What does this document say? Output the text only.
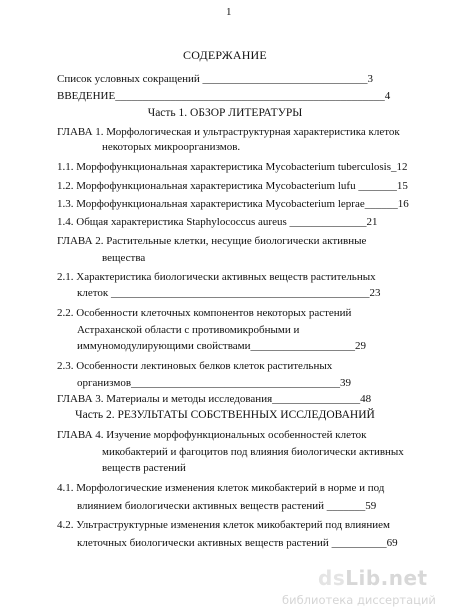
1
СОДЕРЖАНИЕ
Список условных сокращений ______________________________3
ВВЕДЕНИЕ_________________________________________________4
Часть 1. ОБЗОР ЛИТЕРАТУРЫ
ГЛАВА 1. Морфологическая и ультраструктурная характеристика клеток
некоторых микроорганизмов.
1.1. Морфофункциональная характеристика Mycobacterium tuberculosis_12
1.2. Морфофункциональная характеристика Mycobacterium lufu _______15
1.3. Морфофункциональная характеристика Mycobacterium leprae______16
1.4. Общая характеристика Staphylococcus aureus ______________21
ГЛАВА 2. Растительные клетки, несущие биологически активные
вещества
2.1. Характеристика биологически активных веществ растительных
клеток _______________________________________________23
2.2. Особенности клеточных компонентов некоторых растений
Астраханской области с противомикробными и
иммуномодулирующими свойствами___________________29
2.3. Особенности лектиновых белков клеток растительных
организмов______________________________________39
ГЛАВА 3. Материалы и методы исследования________________48
Часть 2. РЕЗУЛЬТАТЫ СОБСТВЕННЫХ ИССЛЕДОВАНИЙ
ГЛАВА 4. Изучение морфофункциональных особенностей клеток
микобактерий и фагоцитов под влияния биологически активных
веществ растений
4.1. Морфологические изменения клеток микобактерий в норме и под
влиянием биологически активных веществ растений _______59
4.2. Ультраструктурные изменения клеток микобактерий под влиянием
клеточных биологически активных веществ растений __________69
dsLib.net
библиотека диссертаций
